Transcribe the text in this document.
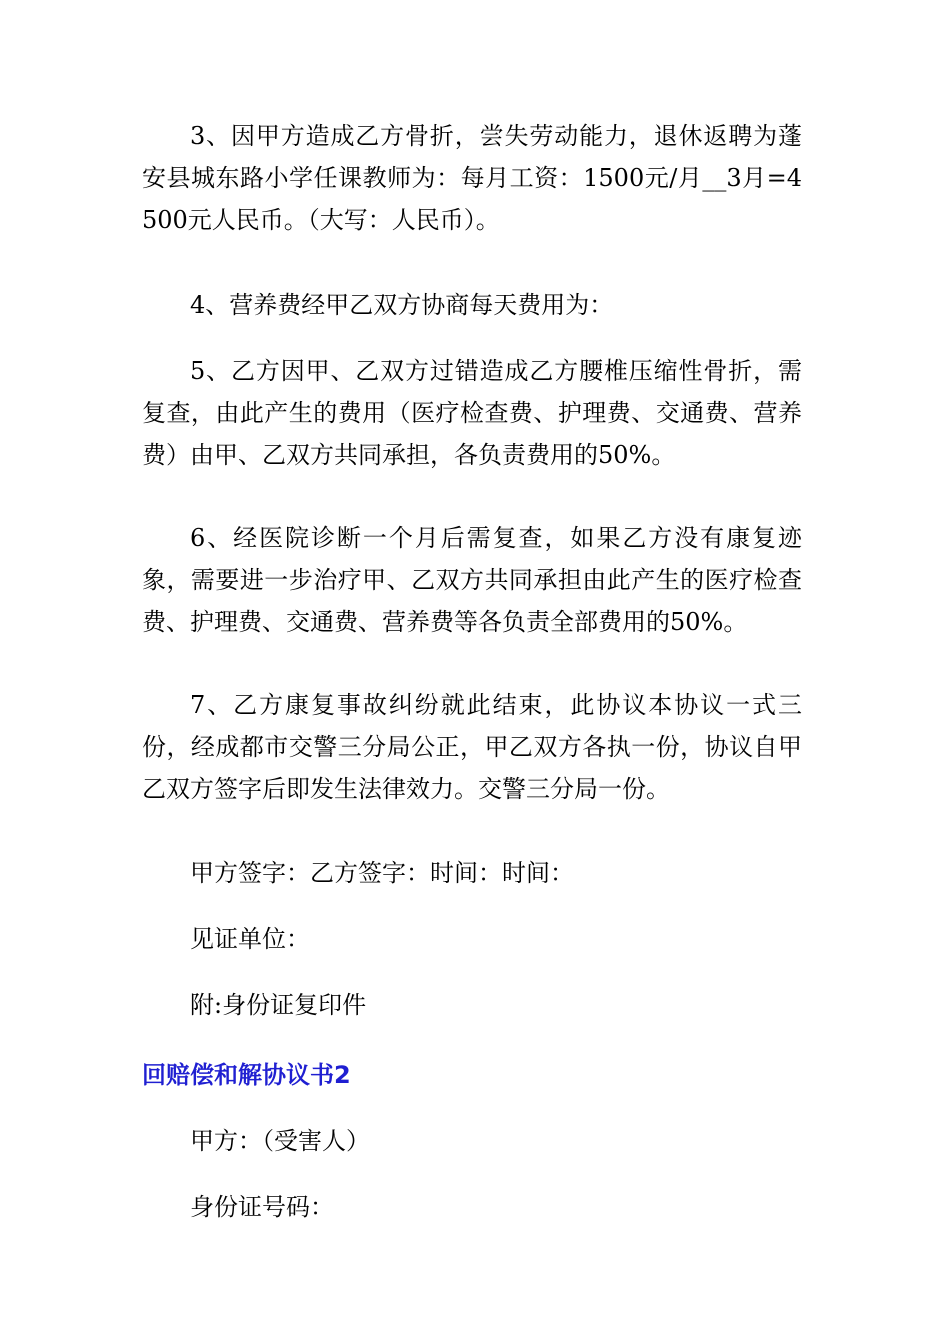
3、因甲方造成乙方骨折，尝失劳动能力，退休返聘为蓬安县城东路小学任课教师为：每月工资：1500元/月__3月=4500元人民币。（大写：人民币）。

4、营养费经甲乙双方协商每天费用为：

5、乙方因甲、乙双方过错造成乙方腰椎压缩性骨折，需复查，由此产生的费用（医疗检查费、护理费、交通费、营养费）由甲、乙双方共同承担，各负责费用的50%。

6、经医院诊断一个月后需复查，如果乙方没有康复迹象，需要进一步治疗甲、乙双方共同承担由此产生的医疗检查费、护理费、交通费、营养费等各负责全部费用的50%。

7、乙方康复事故纠纷就此结束，此协议本协议一式三份，经成都市交警三分局公正，甲乙双方各执一份，协议自甲乙双方签字后即发生法律效力。交警三分局一份。

甲方签字：乙方签字：时间：时间：

见证单位：

附:身份证复印件

回赔偿和解协议书2

甲方：（受害人）

身份证号码：
